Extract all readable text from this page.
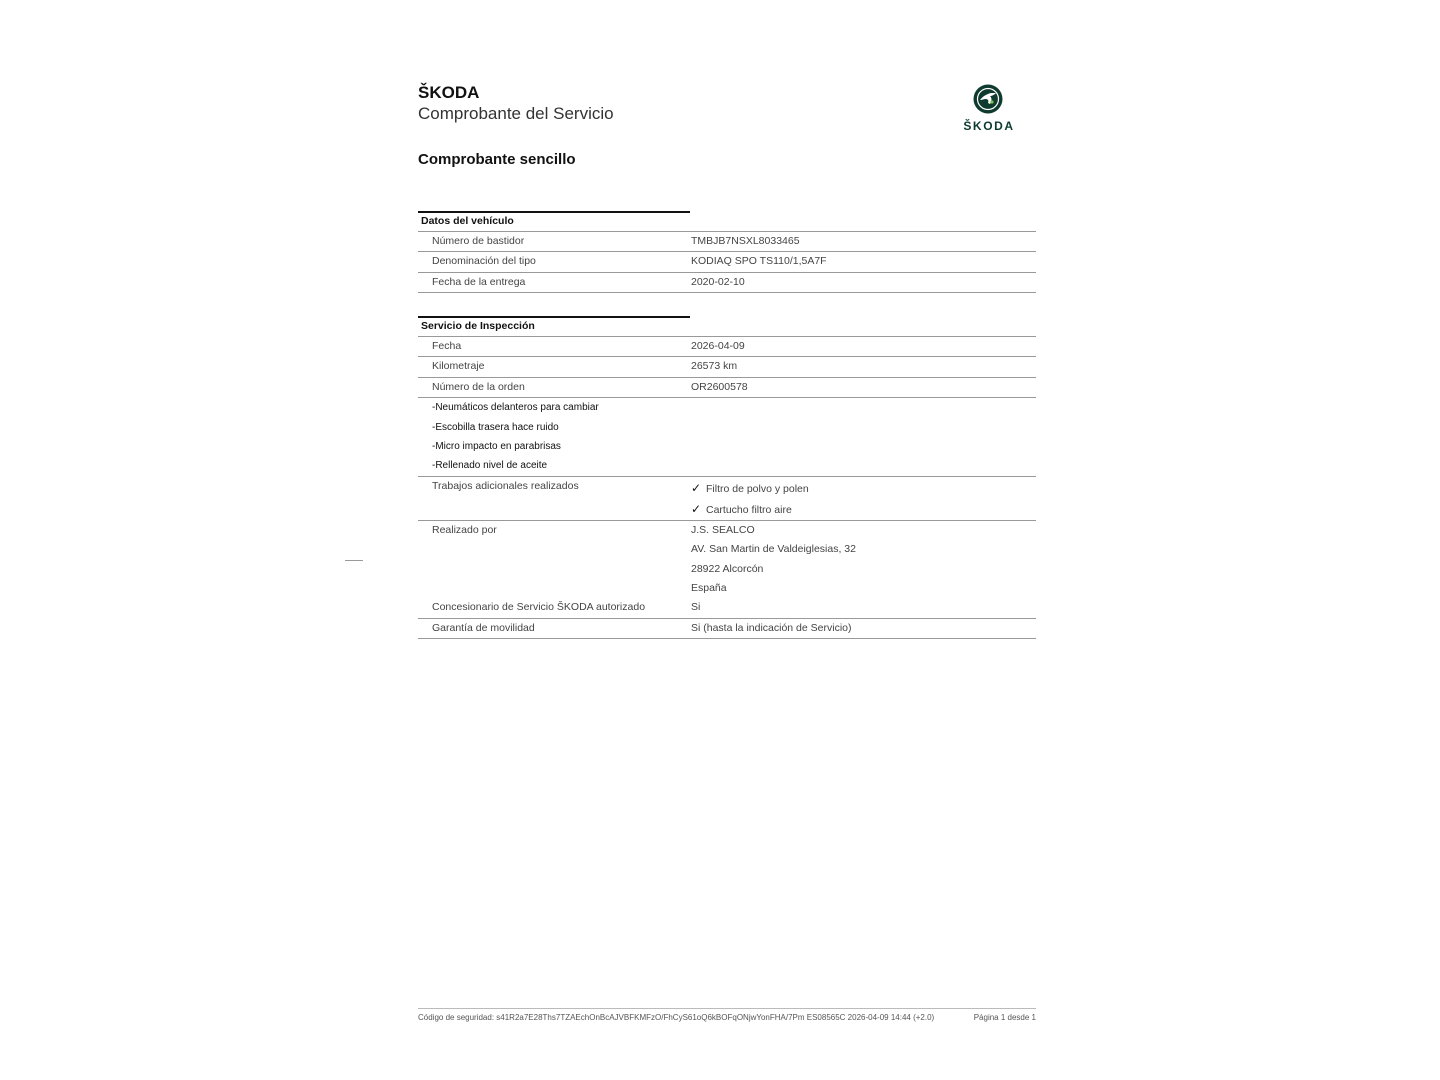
ŠKODA
Comprobante del Servicio
Comprobante sencillo
ŠKODA
Datos del vehículo
Número de bastidor	TMBJB7NSXL8033465
Denominación del tipo	KODIAQ SPO TS110/1,5A7F
Fecha de la entrega	2020-02-10
Servicio de Inspección
Fecha	2026-04-09
Kilometraje	26573 km
Número de la orden	OR2600578
-Neumáticos delanteros para cambiar
-Escobilla trasera hace ruido
-Micro impacto en parabrisas
-Rellenado nivel de aceite
Trabajos adicionales realizados	✓ Filtro de polvo y polen
✓ Cartucho filtro aire
Realizado por	J.S. SEALCO
AV. San Martin de Valdeiglesias, 32
28922 Alcorcón
España
Concesionario de Servicio ŠKODA autorizado	Si
Garantía de movilidad	Si (hasta la indicación de Servicio)
Código de seguridad: s41R2a7E28Ths7TZAEchOnBcAJVBFKMFzO/FhCyS61oQ6kBOFqONjwYonFHA/7Pm ES08565C 2026-04-09 14:44 (+2.0)	Página 1 desde 1
